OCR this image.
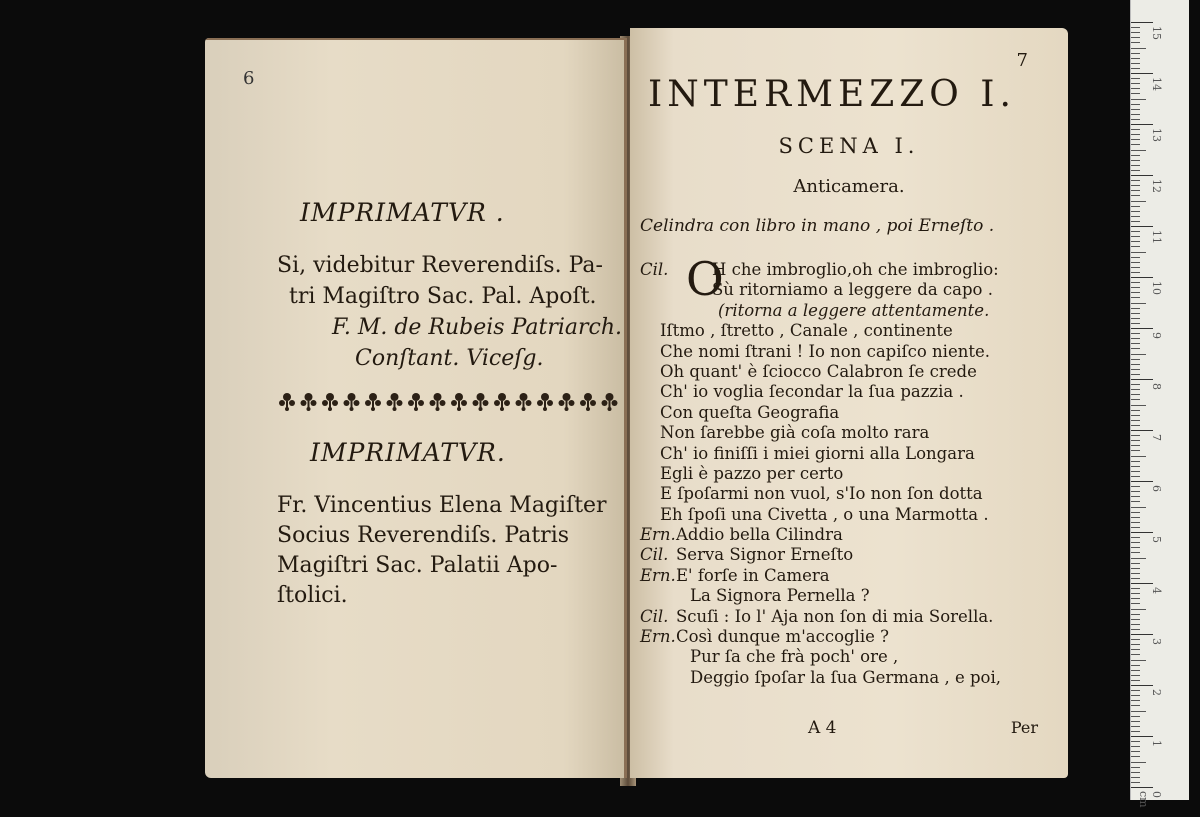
6
IMPRIMATVR .
Si, videbitur Reverendiſs. Pa-
tri Magiſtro Sac. Pal. Apoſt.
F. M. de Rubeis Patriarch.
Conſtant. Viceſg.
IMPRIMATVR.
Fr. Vincentius Elena Magiſter
Socius Reverendiſs. Patris
Magiſtri Sac. Palatii Apo-
ſtolici.
7
INTERMEZZO I.
SCENA I.
Anticamera.
Celindra con libro in mano , poi Erneſto .
Cil. O
H che imbroglio,oh che imbroglio:
Sù ritorniamo a leggere da capo .
(ritorna a leggere attentamente.
Iſtmo , ſtretto , Canale , continente
Che nomi ſtrani ! Io non capiſco niente.
Oh quant' è ſciocco Calabron ſe crede
Ch' io voglia ſecondar la ſua pazzia .
Con queſta Geografia
Non ſarebbe già coſa molto rara
Ch' io finiſſi i miei giorni alla Longara
Egli è pazzo per certo
E ſpoſarmi non vuol, s'Io non ſon dotta
Eh ſpoſi una Civetta , o una Marmotta .
Ern. Addio bella Cilindra
Cil. Serva Signor Erneſto
Ern. E' forſe in Camera
La Signora Pernella ?
Cil. Scuſi : Io l' Aja non ſon di mia Sorella.
Ern. Così dunque m'accoglie ?
Pur ſa che frà poch' ore ,
Deggio ſpoſar la ſua Germana , e poi,
A 4	Per
15
14
13
12
11
10
9
8
7
6
5
4
3
2
1
0 cm
